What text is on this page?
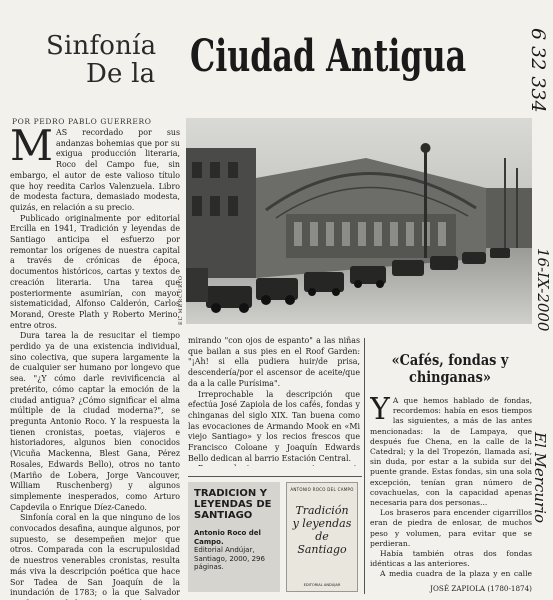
Sinfonía
De la Ciudad Antigua
POR PEDRO PABLO GUERRERO
EL MERCURIO
6 32 334
16-IX-2000
El Mercurio

MAS recordado por sus andanzas bohemias que por su exigua producción literaria, Roco del Campo fue, sin embargo, el autor de este valioso título que hoy reedita Carlos Valenzuela. Libro de modesta factura, demasiado modesta, quizás, en relación a su precio.

Publicado originalmente por editorial Ercilla en 1941, Tradición y leyendas de Santiago anticipa el esfuerzo por remontar los orígenes de nuestra capital a través de crónicas de época, documentos históricos, cartas y textos de creación literaria. Una tarea que posteriormente asumirían, con mayor sistematicidad, Alfonso Calderón, Carlos Morand, Oreste Plath y Roberto Merino, entre otros.

Dura tarea la de resucitar el tiempo perdido ya de una existencia individual, sino colectiva, que supera largamente la de cualquier ser humano por longevo que sea. "¿Y cómo darle revivificencia al pretérito, cómo captar la emoción de la ciudad antigua? ¿Cómo significar el alma múltiple de la ciudad moderna?", se pregunta Antonio Roco. Y la respuesta la tienen cronistas, poetas, viajeros e historiadores, algunos bien conocidos (Vicuña Mackenna, Blest Gana, Pérez Rosales, Edwards Bello), otros no tanto (Mariño de Lobera, Jorge Vancouver, William Ruschenberg) y algunos simplemente inesperados, como Arturo Capdevila o Enrique Díez-Canedo.

Sinfonía coral en la que ninguno de los convocados desafina, aunque algunos, por supuesto, se desempeñen mejor que otros. Comparada con la escrupulosidad de nuestros venerables cronistas, resulta más viva la descripción poética que hace Sor Tadea de San Joaquín de la inundación de 1783; o la que Salvador

mirando "con ojos de espanto" a las niñas que bailan a sus pies en el Roof Garden: "¡Ah! si ella pudiera huir/de prisa, descendería/por el ascensor de aceite/que da a la calle Purísima".

Irreprochable la descripción que efectúa José Zapiola de los cafés, fondas y chinganas del siglo XIX. Tan buena como las evocaciones de Armando Mook en «Mi viejo Santiago» y los recios frescos que Francisco Coloane y Joaquín Edwards Bello dedican al barrio Estación Central.

TRADICION Y LEYENDAS DE SANTIAGO
Antonio Roco del Campo.
Editorial Andújar, Santiago, 2000, 296 páginas.
ANTONIO ROCO DEL CAMPO
Tradición y leyendas de Santiago
EDITORIAL ANDÚJAR
«Cafés, fondas y chinganas»

Y A que hemos hablado de fondas, recordemos: había en esos tiempos las siguientes, a más de las antes mencionadas: la de Lampaya, que después fue Chena, en la calle de la Catedral; y la del Tropezón, llamada así, sin duda, por estar a la subida sur del puente grande. Estas fondas, sin una sola excepción, tenían gran número de covachuelas, con la capacidad apenas necesaria para dos personas...

Los braseros para encender cigarrillos eran de piedra de enlosar, de muchos peso y volumen, para evitar que se perdieran.

Había también otras dos fondas idénticas a las anteriores.

A media cuadra de la plaza y en calle

JOSÉ ZAPIOLA (1780-1874)
